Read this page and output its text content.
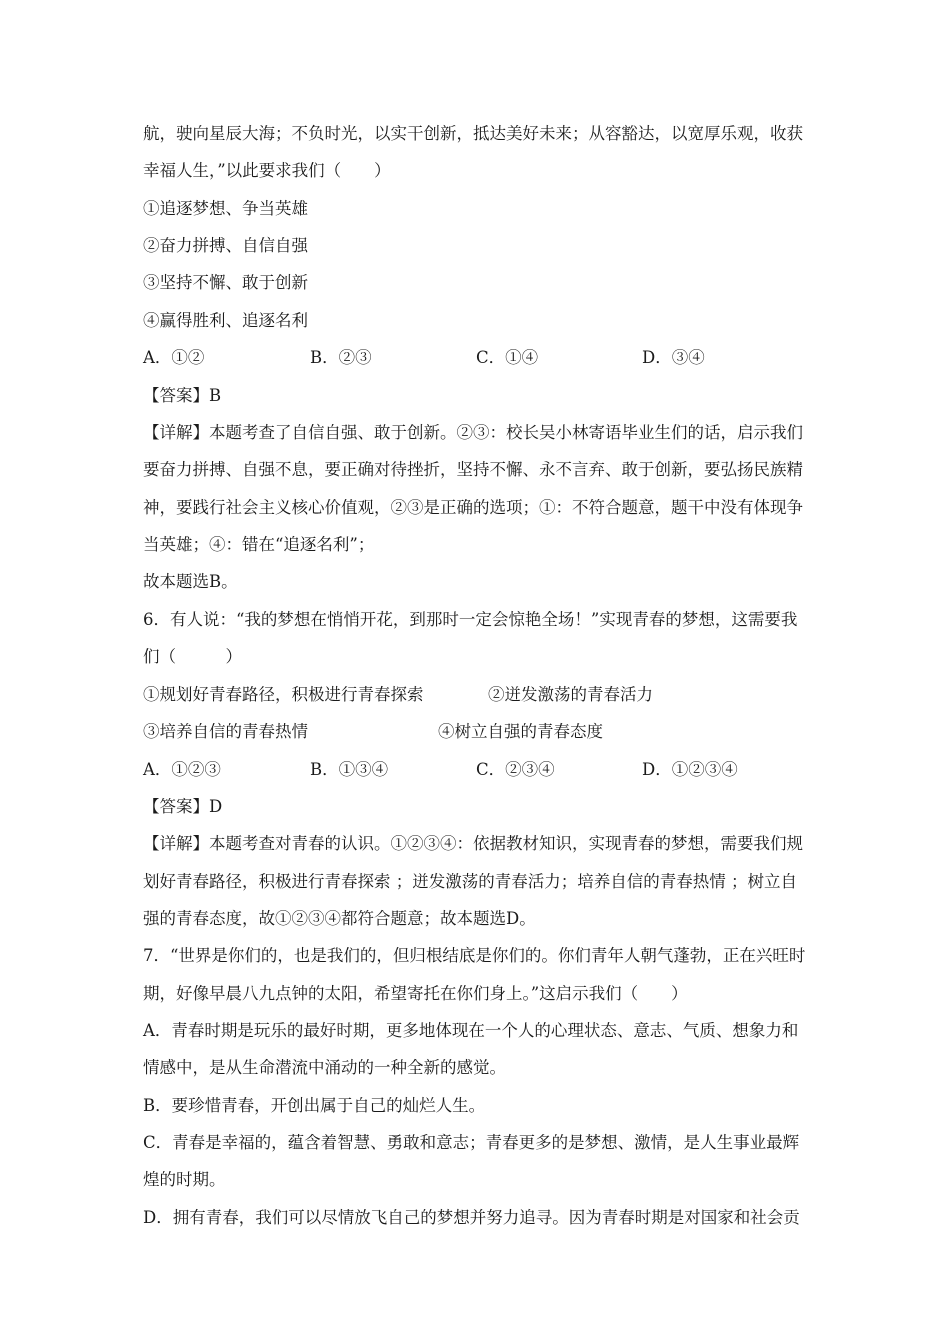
航，驶向星辰大海；不负时光，以实干创新，抵达美好未来；从容豁达，以宽厚乐观，收获
幸福人生，”以此要求我们（　　）
①追逐梦想、争当英雄
②奋力拼搏、自信自强
③坚持不懈、敢于创新
④赢得胜利、追逐名利
A．①②	B．②③	C．①④	D．③④
【答案】B
【详解】本题考查了自信自强、敢于创新。②③：校长吴小林寄语毕业生们的话，启示我们
要奋力拼搏、自强不息，要正确对待挫折，坚持不懈、永不言弃、敢于创新，要弘扬民族精
神，要践行社会主义核心价值观，②③是正确的选项；①：不符合题意，题干中没有体现争
当英雄；④：错在“追逐名利”；
故本题选B。
6．有人说：“我的梦想在悄悄开花，到那时一定会惊艳全场！”实现青春的梦想，这需要我
们（　　　）
①规划好青春路径，积极进行青春探索	②迸发激荡的青春活力
③培养自信的青春热情	④树立自强的青春态度
A．①②③	B．①③④	C．②③④	D．①②③④
【答案】D
【详解】本题考查对青春的认识。①②③④：依据教材知识，实现青春的梦想，需要我们规
划好青春路径，积极进行青春探索 ；迸发激荡的青春活力；培养自信的青春热情 ；树立自
强的青春态度，故①②③④都符合题意；故本题选D。
7．“世界是你们的，也是我们的，但归根结底是你们的。你们青年人朝气蓬勃，正在兴旺时
期，好像早晨八九点钟的太阳，希望寄托在你们身上。”这启示我们（　　）
A．青春时期是玩乐的最好时期，更多地体现在一个人的心理状态、意志、气质、想象力和
情感中，是从生命潜流中涌动的一种全新的感觉。
B．要珍惜青春，开创出属于自己的灿烂人生。
C．青春是幸福的，蕴含着智慧、勇敢和意志；青春更多的是梦想、激情，是人生事业最辉
煌的时期。
D．拥有青春，我们可以尽情放飞自己的梦想并努力追寻。因为青春时期是对国家和社会贡
